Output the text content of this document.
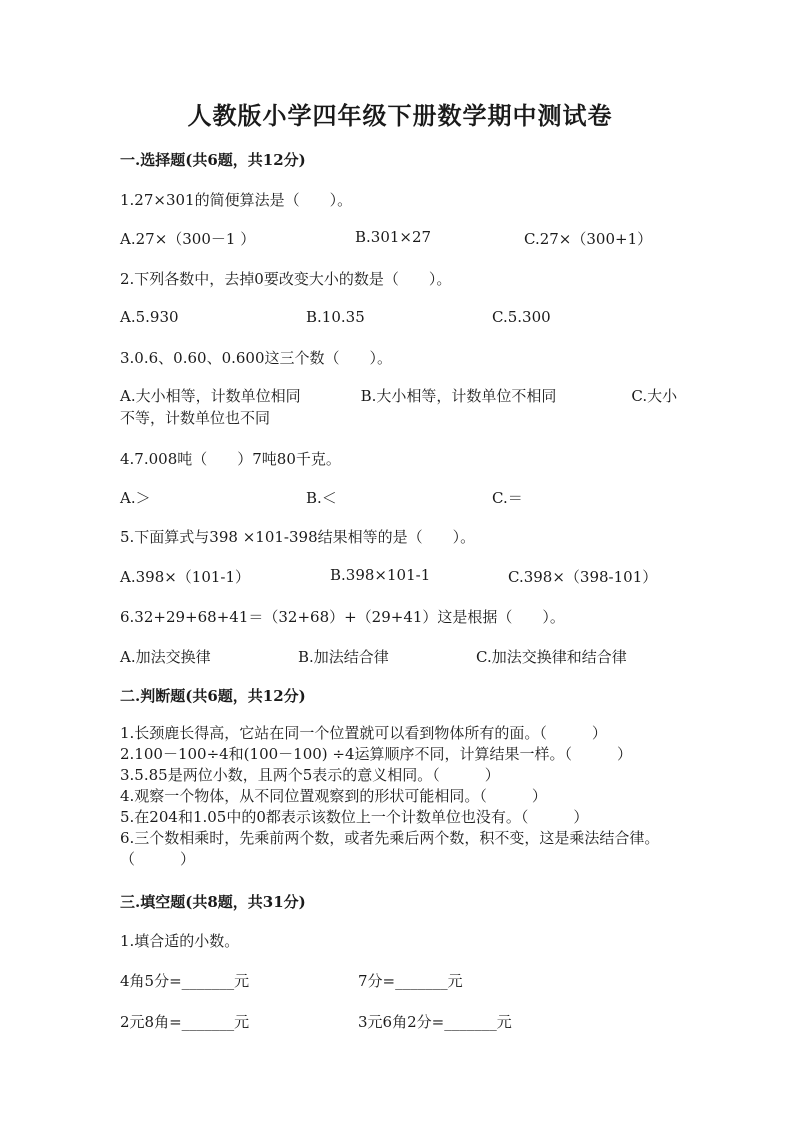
人教版小学四年级下册数学期中测试卷
一.选择题(共6题，共12分)
1.27×301的简便算法是（　　）。
A.27×（300－1 ）	B.301×27	C.27×（300+1）
2.下列各数中，去掉0要改变大小的数是（　　）。
A.5.930	B.10.35	C.5.300
3.0.6、0.60、0.600这三个数（　　）。
A.大小相等，计数单位相同　　　　B.大小相等，计数单位不相同　　　　　C.大小不等，计数单位也不同
4.7.008吨（　　）7吨80千克。
A.＞	B.＜	C.＝
5.下面算式与398 ×101-398结果相等的是（　　）。
A.398×（101-1）	B.398×101-1	C.398×（398-101）
6.32+29+68+41＝（32+68）+（29+41）这是根据（　　）。
A.加法交换律	B.加法结合律	C.加法交换律和结合律
二.判断题(共6题，共12分)
1.长颈鹿长得高，它站在同一个位置就可以看到物体所有的面。（　　　）
2.100－100÷4和(100－100) ÷4运算顺序不同，计算结果一样。（　　　）
3.5.85是两位小数，且两个5表示的意义相同。（　　　）
4.观察一个物体，从不同位置观察到的形状可能相同。（　　　）
5.在204和1.05中的0都表示该数位上一个计数单位也没有。（　　　）
6.三个数相乘时，先乘前两个数，或者先乘后两个数，积不变，这是乘法结合律。（　　　）
三.填空题(共8题，共31分)
1.填合适的小数。
4角5分=_______元	7分=_______元
2元8角=_______元	3元6角2分=_______元
